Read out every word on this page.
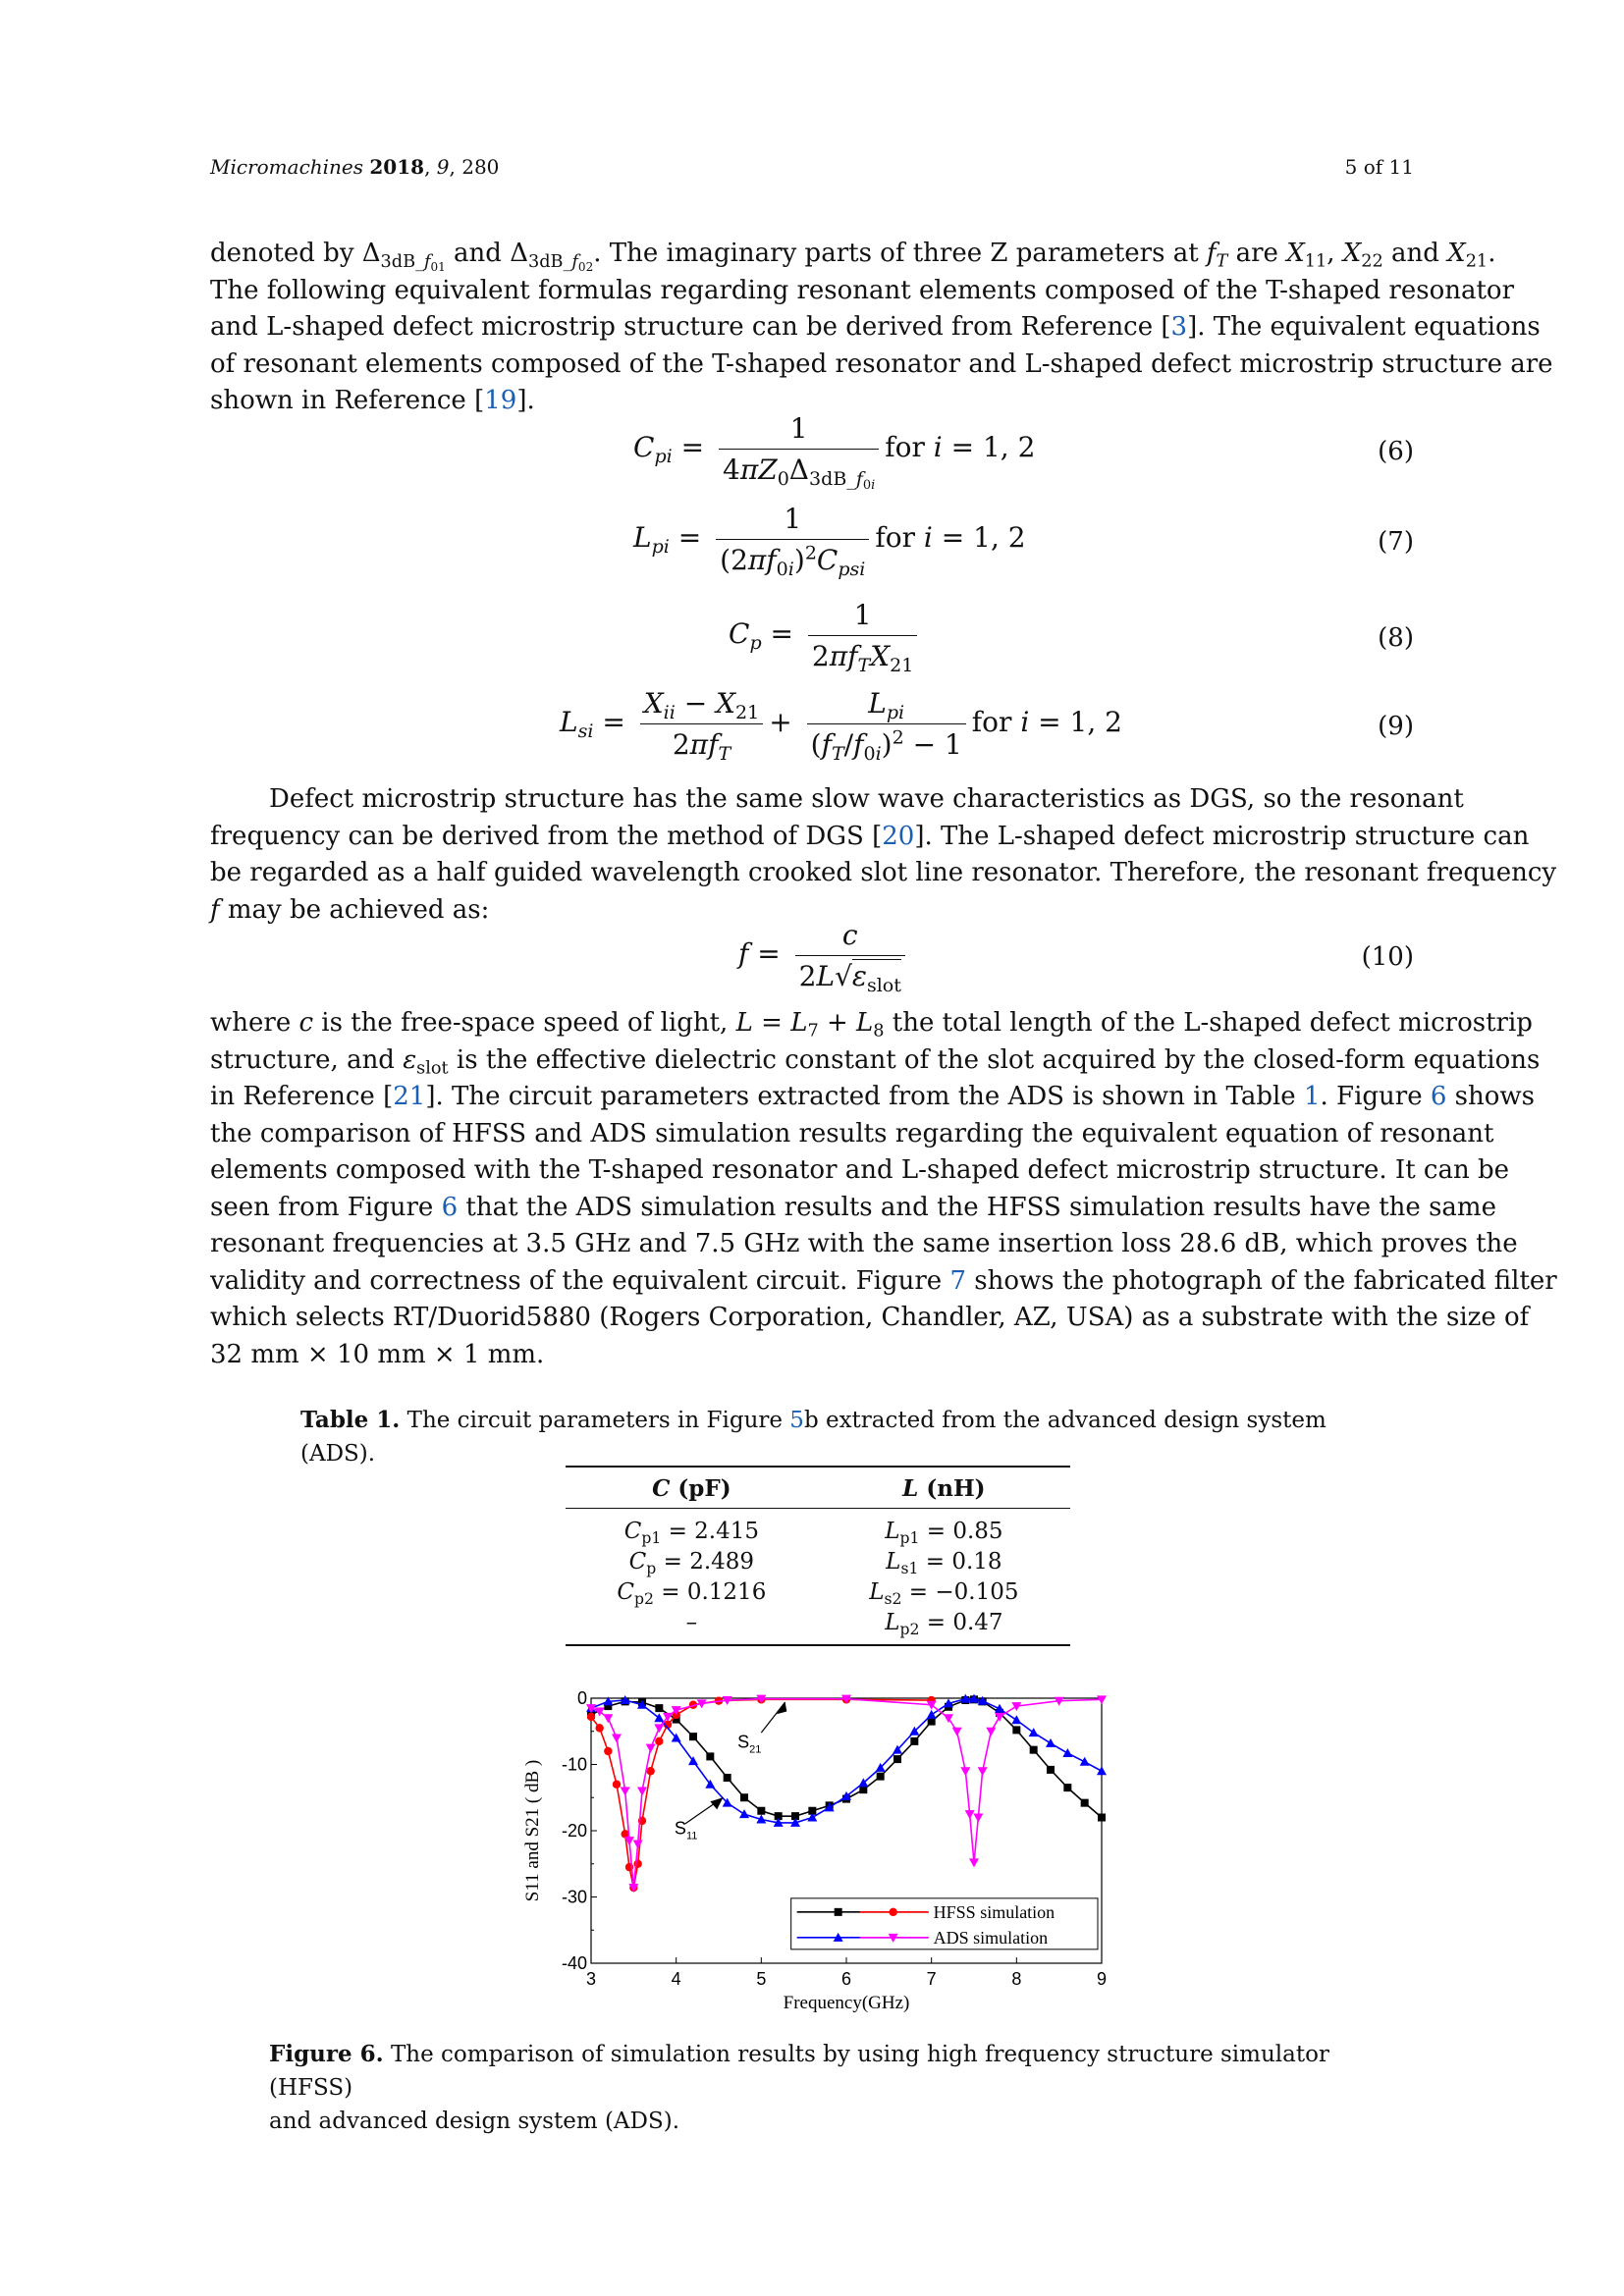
Micromachines 2018, 9, 280	5 of 11
denoted by $\Delta_{3dB\_f_{01}}$ and $\Delta_{3dB\_f_{02}}$. The imaginary parts of three Z parameters at $f_T$ are $X_{11}$, $X_{22}$ and $X_{21}$.
The following equivalent formulas regarding resonant elements composed of the T-shaped resonator
and L-shaped defect microstrip structure can be derived from Reference [3]. The equivalent equations
of resonant elements composed of the T-shaped resonator and L-shaped defect microstrip structure are
shown in Reference [19].
$C_{pi} = \frac{1}{4\pi Z_0\Delta_{3dB\_f_{0i}}}$ for i = 1, 2	(6)
$L_{pi} = \frac{1}{(2\pi f_{0i})^2C_{psi}}$ for i = 1, 2	(7)
$C_p = \frac{1}{2\pi f_TX_{21}}$	(8)
$L_{si} = \frac{X_{ii} - X_{21}}{2\pi f_T} + \frac{L_{pi}}{(f_T/f_{0i})^2 - 1}$ for i = 1, 2	(9)
Defect microstrip structure has the same slow wave characteristics as DGS, so the resonant
frequency can be derived from the method of DGS [20]. The L-shaped defect microstrip structure can
be regarded as a half guided wavelength crooked slot line resonator. Therefore, the resonant frequency
f may be achieved as:
$f = \frac{c}{2L√\varepsilon_{slot}}$	(10)
where c is the free-space speed of light, $L = L_7 + L_8$ the total length of the L-shaped defect microstrip
structure, and $\varepsilon_{slot}$ is the effective dielectric constant of the slot acquired by the closed-form equations
in Reference [21]. The circuit parameters extracted from the ADS is shown in Table 1. Figure 6 shows
the comparison of HFSS and ADS simulation results regarding the equivalent equation of resonant
elements composed with the T-shaped resonator and L-shaped defect microstrip structure. It can be
seen from Figure 6 that the ADS simulation results and the HFSS simulation results have the same
resonant frequencies at 3.5 GHz and 7.5 GHz with the same insertion loss 28.6 dB, which proves the
validity and correctness of the equivalent circuit. Figure 7 shows the photograph of the fabricated filter
which selects RT/Duorid5880 (Rogers Corporation, Chandler, AZ, USA) as a substrate with the size of
32 mm × 10 mm × 1 mm.
Table 1. The circuit parameters in Figure 5b extracted from the advanced design system (ADS).
C (pF)	L (nH)
$C_{p1} = 2.415$	$L_{p1} = 0.85$
$C_p = 2.489$	$L_{s1} = 0.18$
$C_{p2} = 0.1216$	$L_{s2} = -0.105$
–	$L_{p2} = 0.47$
3	4	5	6	7	8	9
0
-10
-20
-30
-40
Frequency(GHz)
S11 and S21 ( dB )
$S_{21}$
$S_{11}$
HFSS simulation
ADS simulation
Figure 6. The comparison of simulation results by using high frequency structure simulator (HFSS)
and advanced design system (ADS).
